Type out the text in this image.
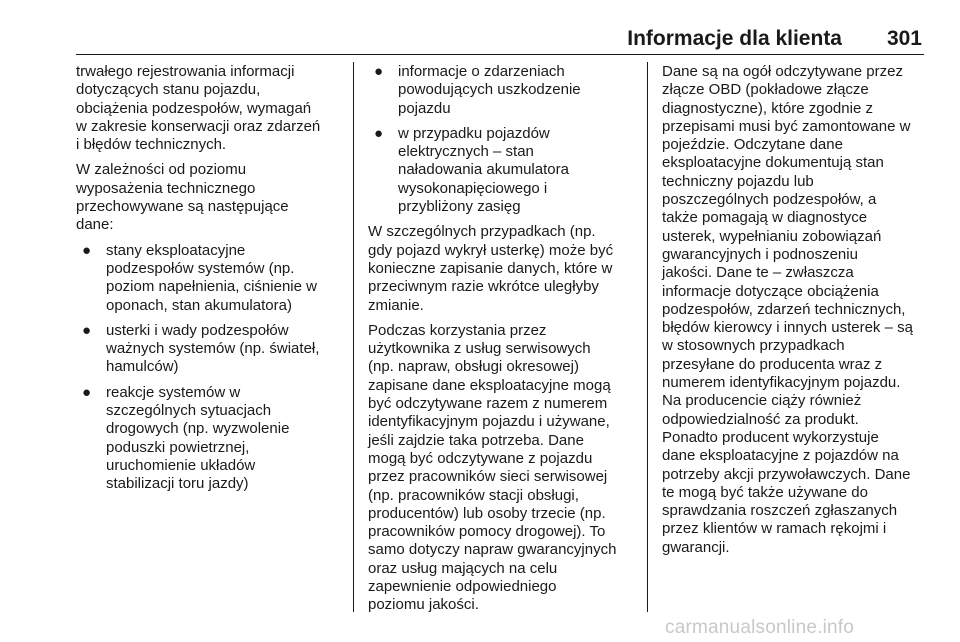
Informacje dla klienta 301

trwałego rejestrowania informacji
dotyczących stanu pojazdu,
obciążenia podzespołów, wymagań
w zakresie konserwacji oraz zdarzeń
i błędów technicznych.

W zależności od poziomu
wyposażenia technicznego
przechowywane są następujące
dane:

● stany eksploatacyjne
podzespołów systemów (np.
poziom napełnienia, ciśnienie w
oponach, stan akumulatora)
● usterki i wady podzespołów
ważnych systemów (np. świateł,
hamulców)
● reakcje systemów w
szczególnych sytuacjach
drogowych (np. wyzwolenie
poduszki powietrznej,
uruchomienie układów
stabilizacji toru jazdy)
● informacje o zdarzeniach
powodujących uszkodzenie
pojazdu
● w przypadku pojazdów
elektrycznych – stan
naładowania akumulatora
wysokonapięciowego i
przybliżony zasięg

W szczególnych przypadkach (np.
gdy pojazd wykrył usterkę) może być
konieczne zapisanie danych, które w
przeciwnym razie wkrótce uległyby
zmianie.

Podczas korzystania przez
użytkownika z usług serwisowych
(np. napraw, obsługi okresowej)
zapisane dane eksploatacyjne mogą
być odczytywane razem z numerem
identyfikacyjnym pojazdu i używane,
jeśli zajdzie taka potrzeba. Dane
mogą być odczytywane z pojazdu
przez pracowników sieci serwisowej
(np. pracowników stacji obsługi,
producentów) lub osoby trzecie (np.
pracowników pomocy drogowej). To
samo dotyczy napraw gwarancyjnych
oraz usług mających na celu
zapewnienie odpowiedniego
poziomu jakości.

Dane są na ogół odczytywane przez
złącze OBD (pokładowe złącze
diagnostyczne), które zgodnie z
przepisami musi być zamontowane w
pojeździe. Odczytane dane
eksploatacyjne dokumentują stan
techniczny pojazdu lub
poszczególnych podzespołów, a
także pomagają w diagnostyce
usterek, wypełnianiu zobowiązań
gwarancyjnych i podnoszeniu
jakości. Dane te – zwłaszcza
informacje dotyczące obciążenia
podzespołów, zdarzeń technicznych,
błędów kierowcy i innych usterek – są
w stosownych przypadkach
przesyłane do producenta wraz z
numerem identyfikacyjnym pojazdu.
Na producencie ciąży również
odpowiedzialność za produkt.
Ponadto producent wykorzystuje
dane eksploatacyjne z pojazdów na
potrzeby akcji przywoławczych. Dane
te mogą być także używane do
sprawdzania roszczeń zgłaszanych
przez klientów w ramach rękojmi i
gwarancji.

carmanualsonline.info
